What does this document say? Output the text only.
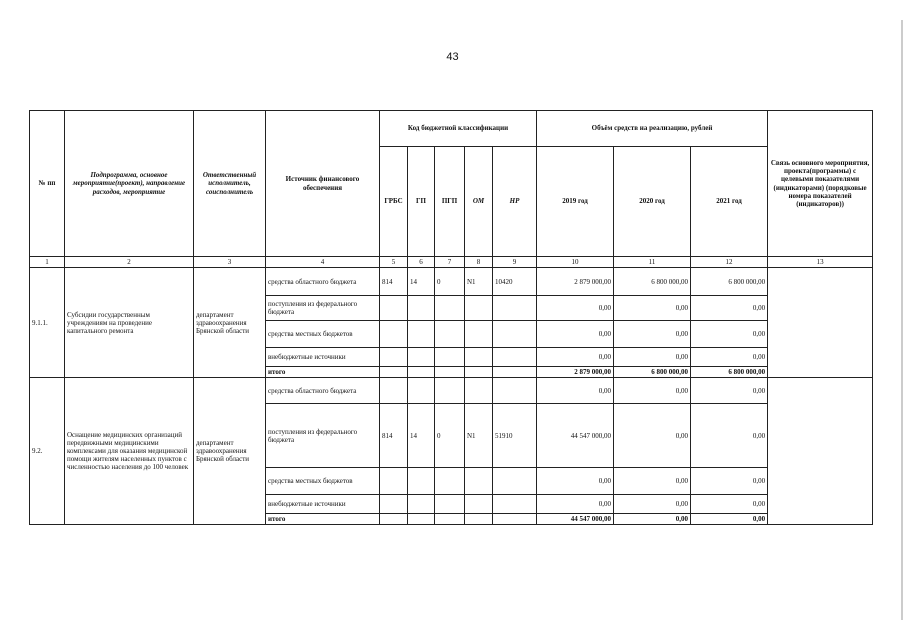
43
№ пп	Подпрограмма, основное мероприятие(проект), направление расходов, мероприятие	Ответственный исполнитель, соисполнитель	Источник финансового обеспечения	Код бюджетной классификации					Объём средств на реализацию, рублей			Связь основного мероприятия, проекта(программы) с целевыми показателями (индикаторами) (порядковые номера показателей (индикаторов))
				ГРБС	ГП	ПГП	ОМ	НР	2019 год	2020 год	2021 год	
1	2	3	4	5	6	7	8	9	10	11	12	13
9.1.1.	Субсидии государственным учреждениям на проведение капитального ремонта	департамент здравоохранения Брянской области	средства областного бюджета	814	14	0	N1	10420	2 879 000,00	6 800 000,00	6 800 000,00	
			поступления из федерального бюджета						0,00	0,00	0,00	
			средства местных бюджетов						0,00	0,00	0,00	
			внебюджетные источники						0,00	0,00	0,00	
			итого						2 879 000,00	6 800 000,00	6 800 000,00	
9.2.	Оснащение медицинских организаций передвижными медицинскими комплексами для оказания медицинской помощи жителям населенных пунктов с численностью населения до 100 человек	департамент здравоохранения Брянской области	средства областного бюджета						0,00	0,00	0,00	
			поступления из федерального бюджета	814	14	0	N1	51910	44 547 000,00	0,00	0,00	
			средства местных бюджетов						0,00	0,00	0,00	
			внебюджетные источники						0,00	0,00	0,00	
			итого						44 547 000,00	0,00	0,00	
